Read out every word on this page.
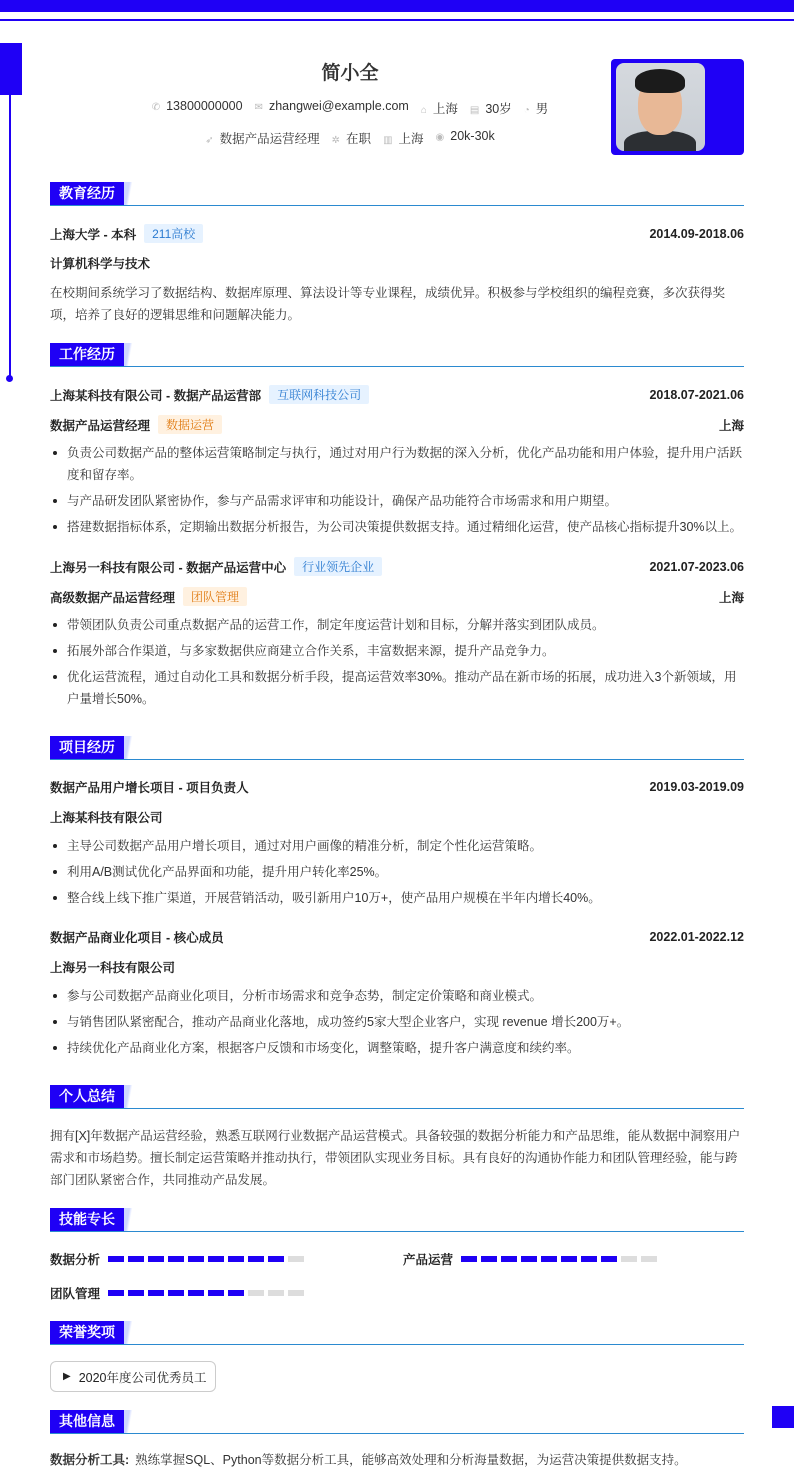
简小全
✆ 13800000000 ✉ zhangwei@example.com ⌂ 上海 ▤ 30岁 ◔ 男
➶ 数据产品运营经理 ✲ 在职 ▥ 上海 ◉ 20k-30k
教育经历
上海大学 - 本科	211高校	2014.09-2018.06
计算机科学与技术
在校期间系统学习了数据结构、数据库原理、算法设计等专业课程，成绩优异。积极参与学校组织的编程竞赛，多次获得奖项，培养了良好的逻辑思维和问题解决能力。
工作经历
上海某科技有限公司 - 数据产品运营部	互联网科技公司	2018.07-2021.06
数据产品运营经理	数据运营	上海
负责公司数据产品的整体运营策略制定与执行，通过对用户行为数据的深入分析，优化产品功能和用户体验，提升用户活跃度和留存率。
与产品研发团队紧密协作，参与产品需求评审和功能设计，确保产品功能符合市场需求和用户期望。
搭建数据指标体系，定期输出数据分析报告，为公司决策提供数据支持。通过精细化运营，使产品核心指标提升30%以上。
上海另一科技有限公司 - 数据产品运营中心	行业领先企业	2021.07-2023.06
高级数据产品运营经理	团队管理	上海
带领团队负责公司重点数据产品的运营工作，制定年度运营计划和目标，分解并落实到团队成员。
拓展外部合作渠道，与多家数据供应商建立合作关系，丰富数据来源，提升产品竞争力。
优化运营流程，通过自动化工具和数据分析手段，提高运营效率30%。推动产品在新市场的拓展，成功进入3个新领域，用户量增长50%。
项目经历
数据产品用户增长项目 - 项目负责人	2019.03-2019.09
上海某科技有限公司
主导公司数据产品用户增长项目，通过对用户画像的精准分析，制定个性化运营策略。
利用A/B测试优化产品界面和功能，提升用户转化率25%。
整合线上线下推广渠道，开展营销活动，吸引新用户10万+，使产品用户规模在半年内增长40%。
数据产品商业化项目 - 核心成员	2022.01-2022.12
上海另一科技有限公司
参与公司数据产品商业化项目，分析市场需求和竞争态势，制定定价策略和商业模式。
与销售团队紧密配合，推动产品商业化落地，成功签约5家大型企业客户，实现 revenue 增长200万+。
持续优化产品商业化方案，根据客户反馈和市场变化，调整策略，提升客户满意度和续约率。
个人总结
拥有[X]年数据产品运营经验，熟悉互联网行业数据产品运营模式。具备较强的数据分析能力和产品思维，能从数据中洞察用户需求和市场趋势。擅长制定运营策略并推动执行，带领团队实现业务目标。具有良好的沟通协作能力和团队管理经验，能与跨部门团队紧密合作，共同推动产品发展。
技能专长
数据分析	产品运营
团队管理
荣誉奖项
▶ 2020年度公司优秀员工
其他信息
数据分析工具: 熟练掌握SQL、Python等数据分析工具，能够高效处理和分析海量数据，为运营决策提供数据支持。
